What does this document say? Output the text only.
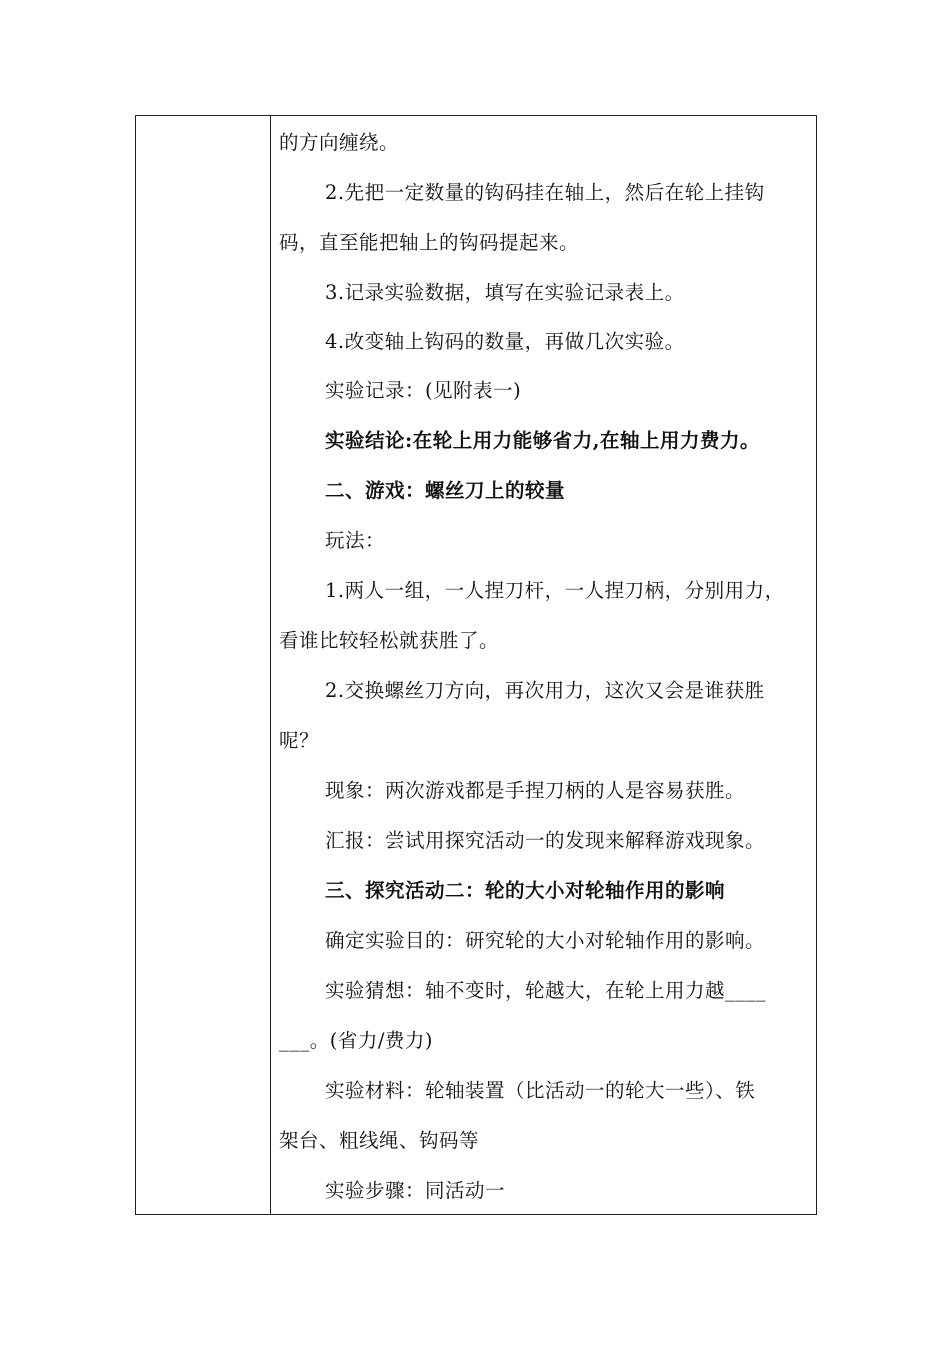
的方向缠绕。
2.先把一定数量的钩码挂在轴上，然后在轮上挂钩
码，直至能把轴上的钩码提起来。
3.记录实验数据，填写在实验记录表上。
4.改变轴上钩码的数量，再做几次实验。
实验记录：(见附表一)
实验结论:在轮上用力能够省力,在轴上用力费力。
二、游戏：螺丝刀上的较量
玩法：
1.两人一组，一人捏刀杆，一人捏刀柄，分别用力，
看谁比较轻松就获胜了。
2.交换螺丝刀方向，再次用力，这次又会是谁获胜
呢？
现象：两次游戏都是手捏刀柄的人是容易获胜。
汇报：尝试用探究活动一的发现来解释游戏现象。
三、探究活动二：轮的大小对轮轴作用的影响
确定实验目的：研究轮的大小对轮轴作用的影响。
实验猜想：轴不变时，轮越大，在轮上用力越____
___。(省力/费力)
实验材料：轮轴装置（比活动一的轮大一些）、铁
架台、粗线绳、钩码等
实验步骤：同活动一
